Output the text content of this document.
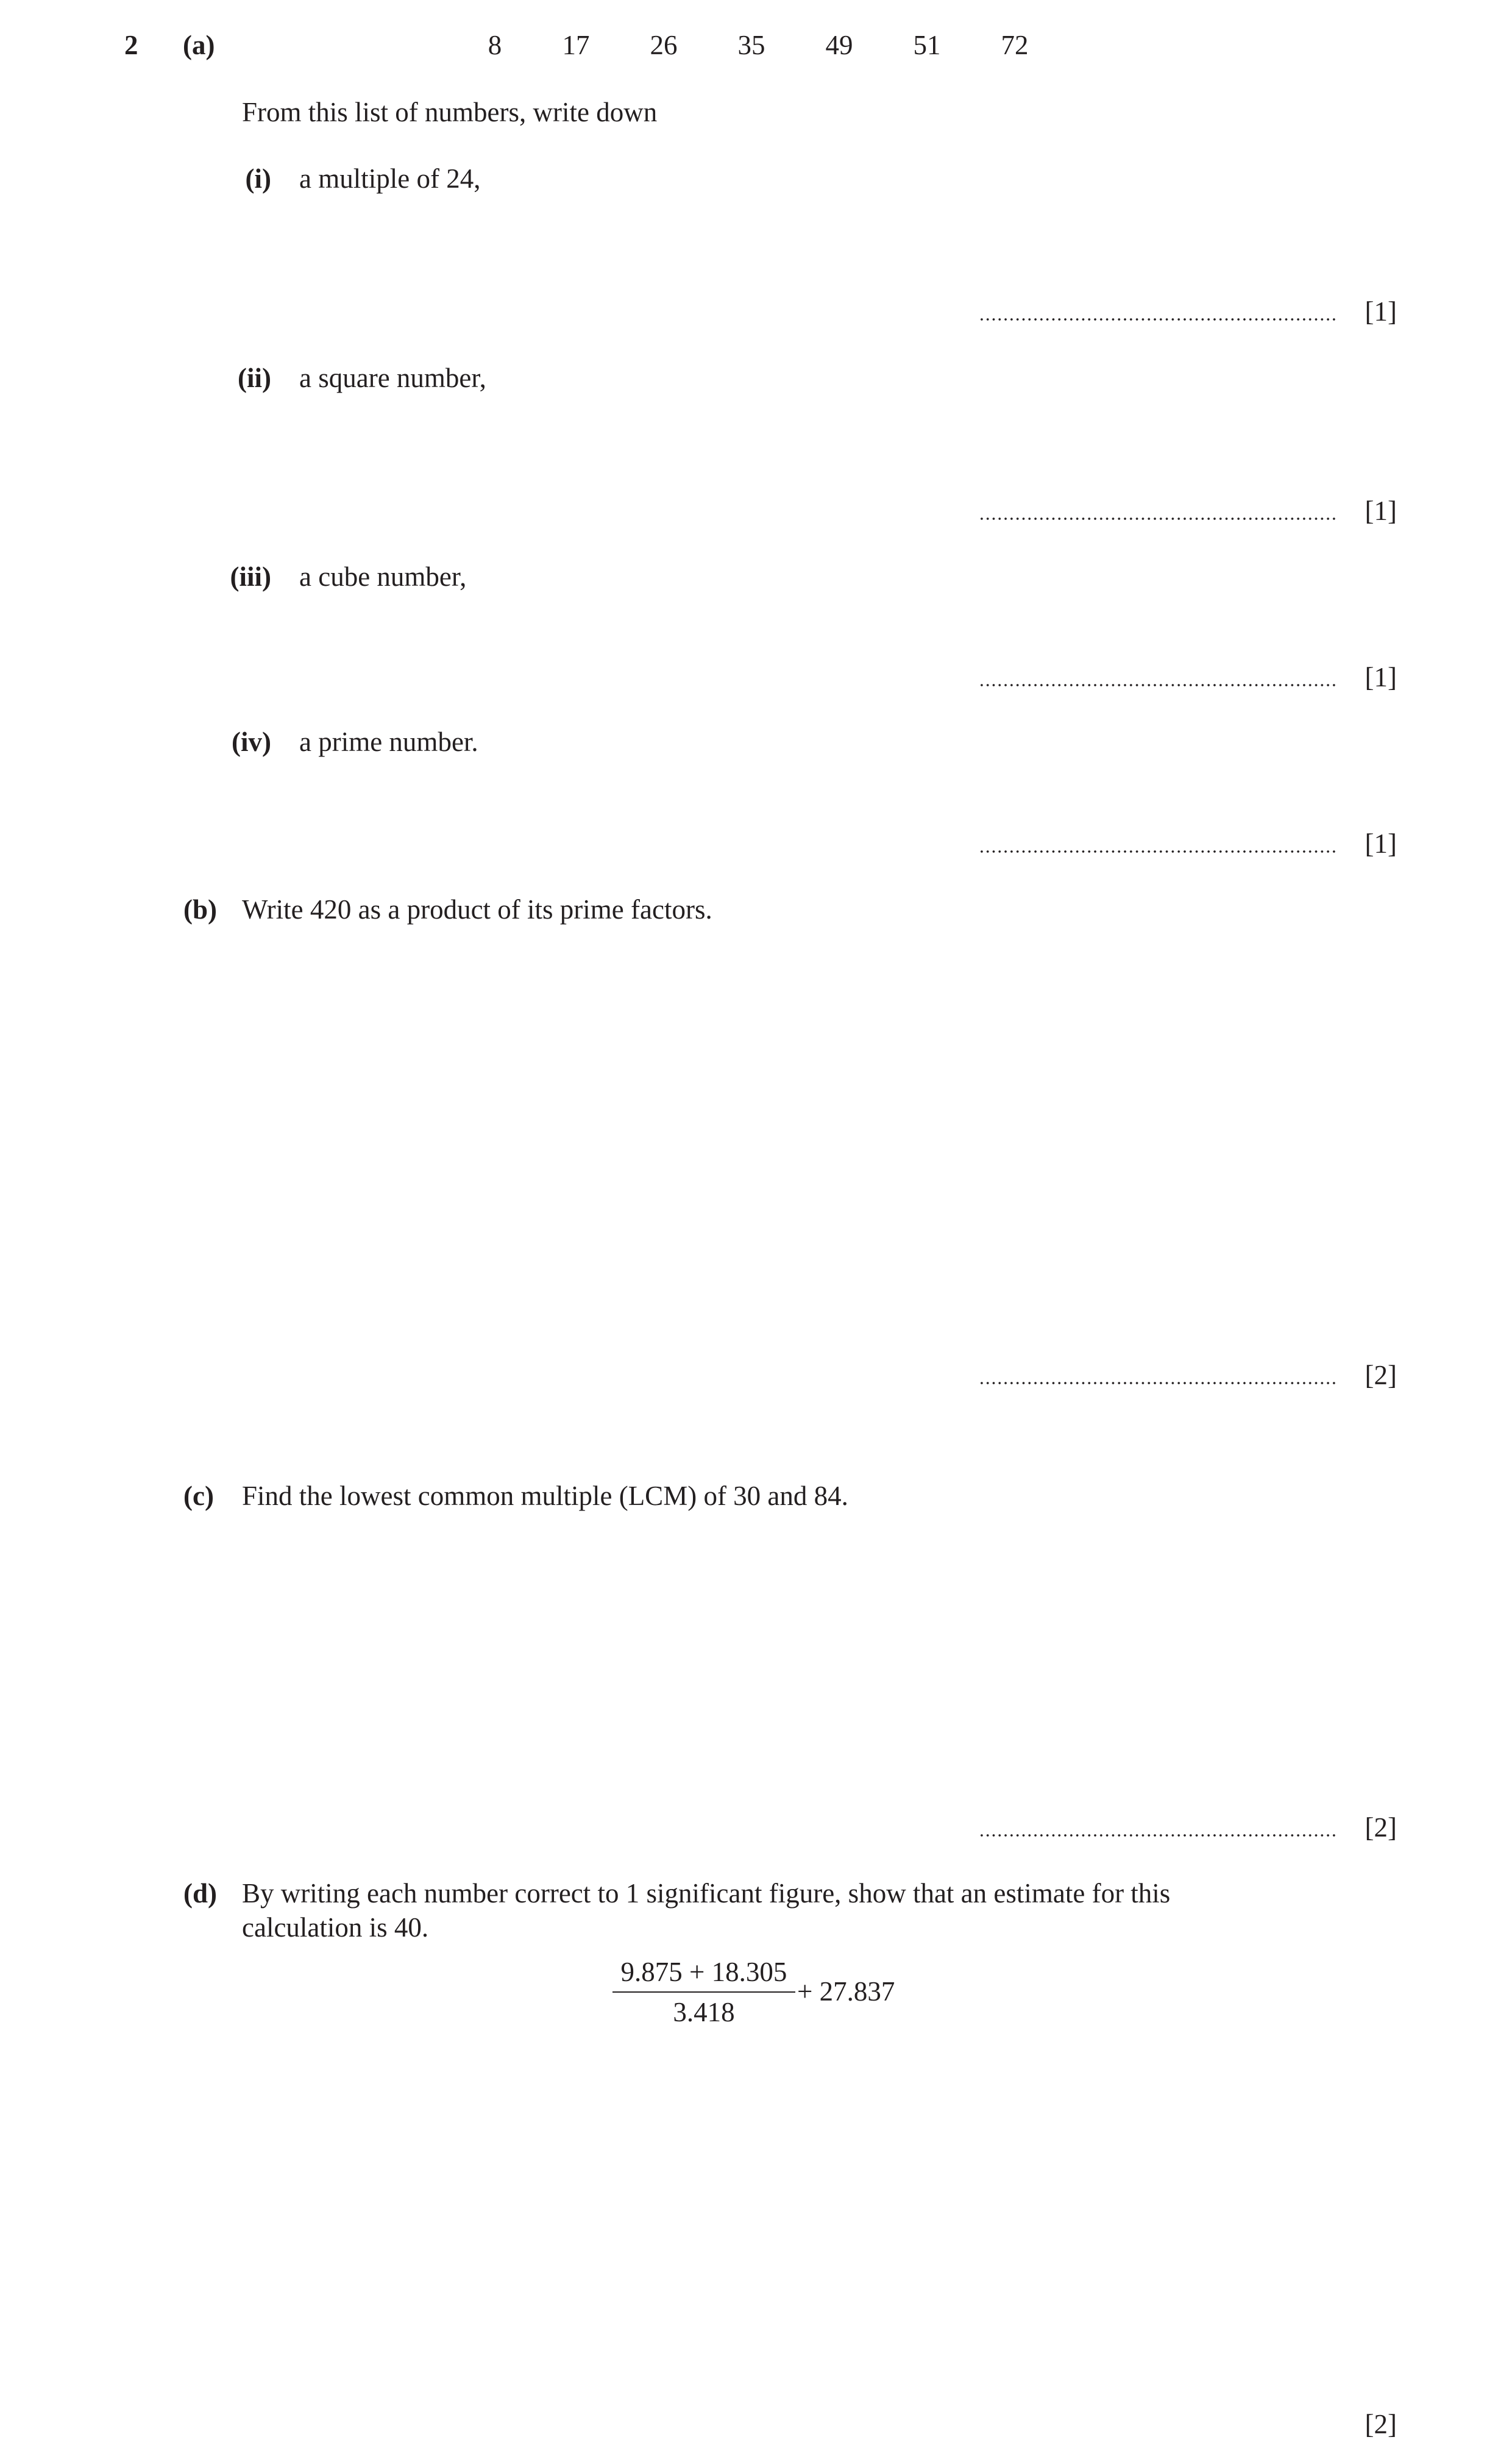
2 (a)	8	17	26	35	49	51	72
From this list of numbers, write down
(i) a multiple of 24,
[1]
(ii) a square number,
[1]
(iii) a cube number,
[1]
(iv) a prime number.
[1]
(b) Write 420 as a product of its prime factors.
[2]
(c) Find the lowest common multiple (LCM) of 30 and 84.
[2]
(d) By writing each number correct to 1 significant figure, show that an estimate for this
calculation is 40.
9.875 + 18.305
3.418
+ 27.837
[2]
